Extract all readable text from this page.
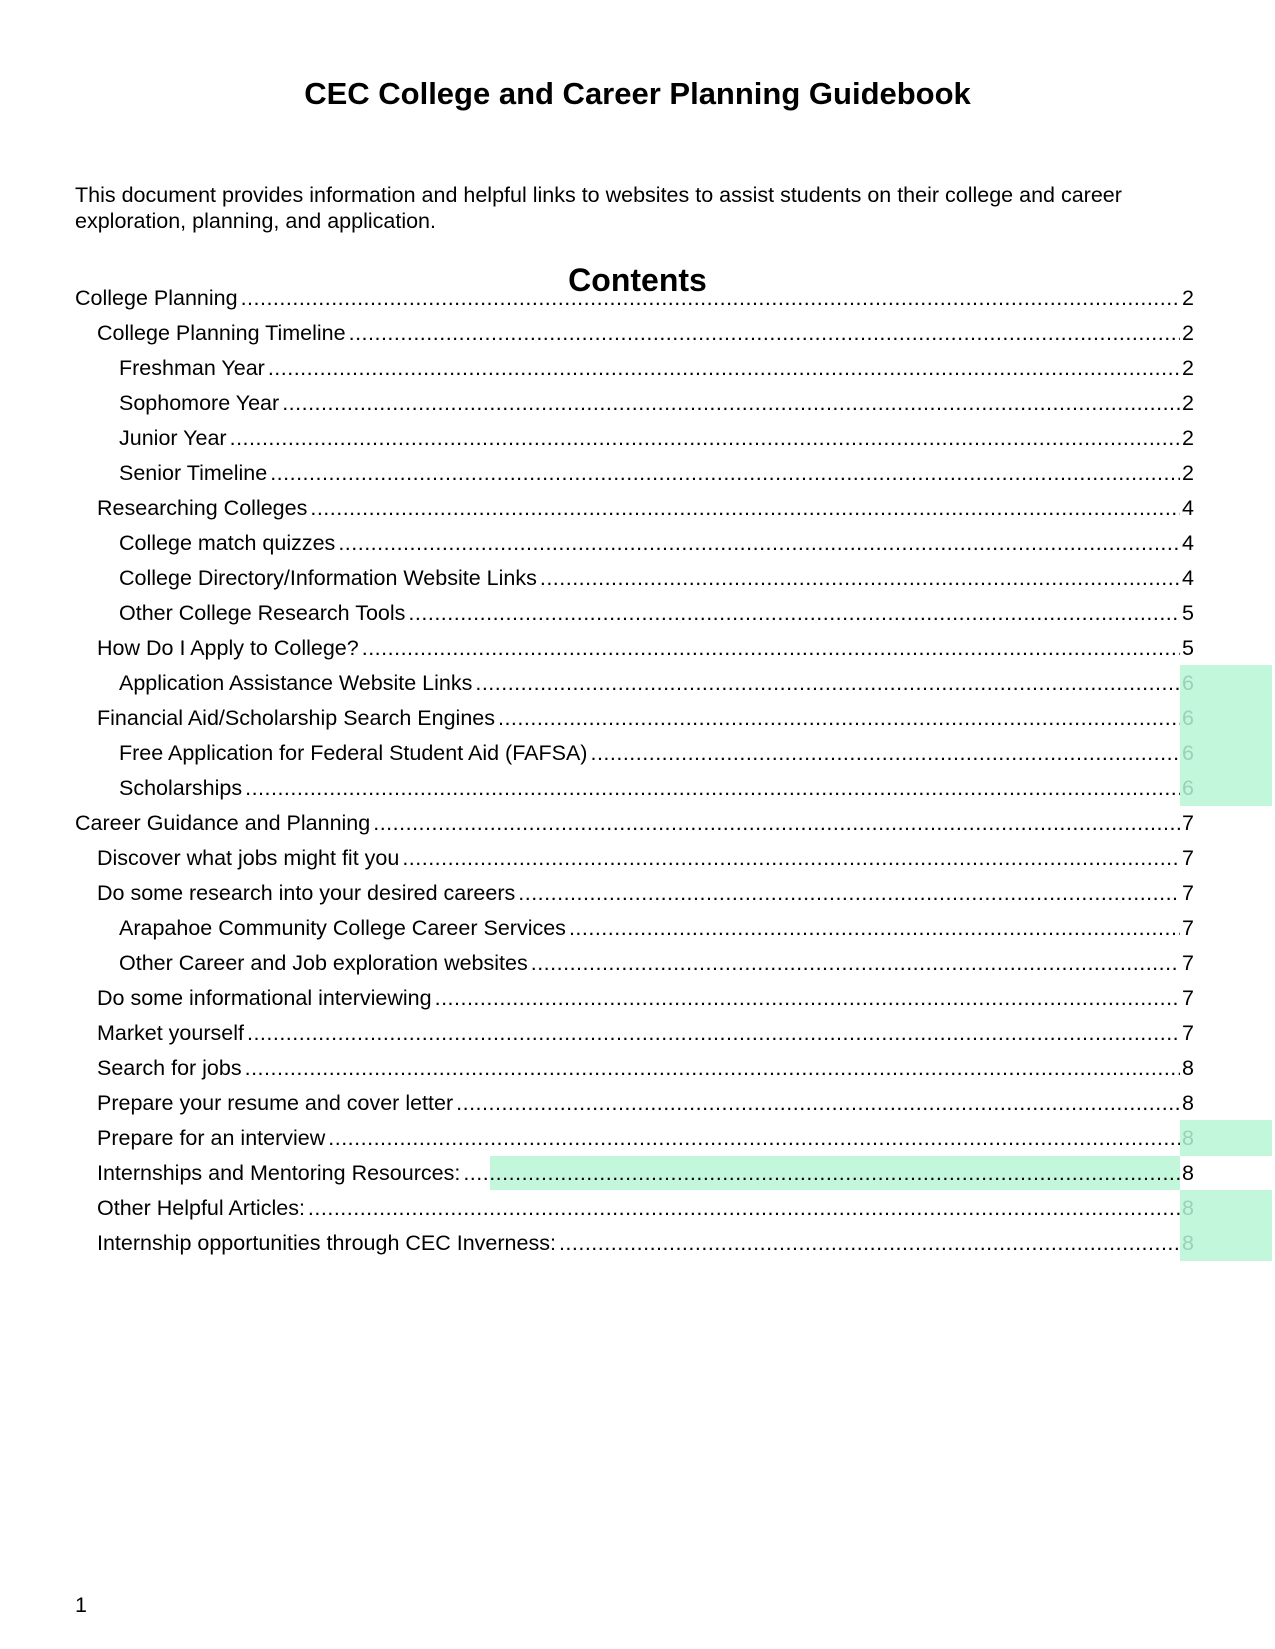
CEC College and Career Planning Guidebook

This document provides information and helpful links to websites to assist students on their college and career exploration, planning, and application.

Contents
College Planning .....	2
College Planning Timeline .....	2
Freshman Year .....	2
Sophomore Year .....	2
Junior Year .....	2
Senior Timeline .....	2
Researching Colleges .....	4
College match quizzes .....	4
College Directory/Information Website Links .....	4
Other College Research Tools .....	5
How Do I Apply to College? .....	5
Application Assistance Website Links .....	6
Financial Aid/Scholarship Search Engines .....	6
Free Application for Federal Student Aid (FAFSA) .....	6
Scholarships .....	6
Career Guidance and Planning .....	7
Discover what jobs might fit you .....	7
Do some research into your desired careers .....	7
Arapahoe Community College Career Services .....	7
Other Career and Job exploration websites .....	7
Do some informational interviewing .....	7
Market yourself .....	7
Search for jobs .....	8
Prepare your resume and cover letter .....	8
Prepare for an interview .....	8
Internships and Mentoring Resources: .....	8
Other Helpful Articles: .....	8
Internship opportunities through CEC Inverness: .....	8
1
